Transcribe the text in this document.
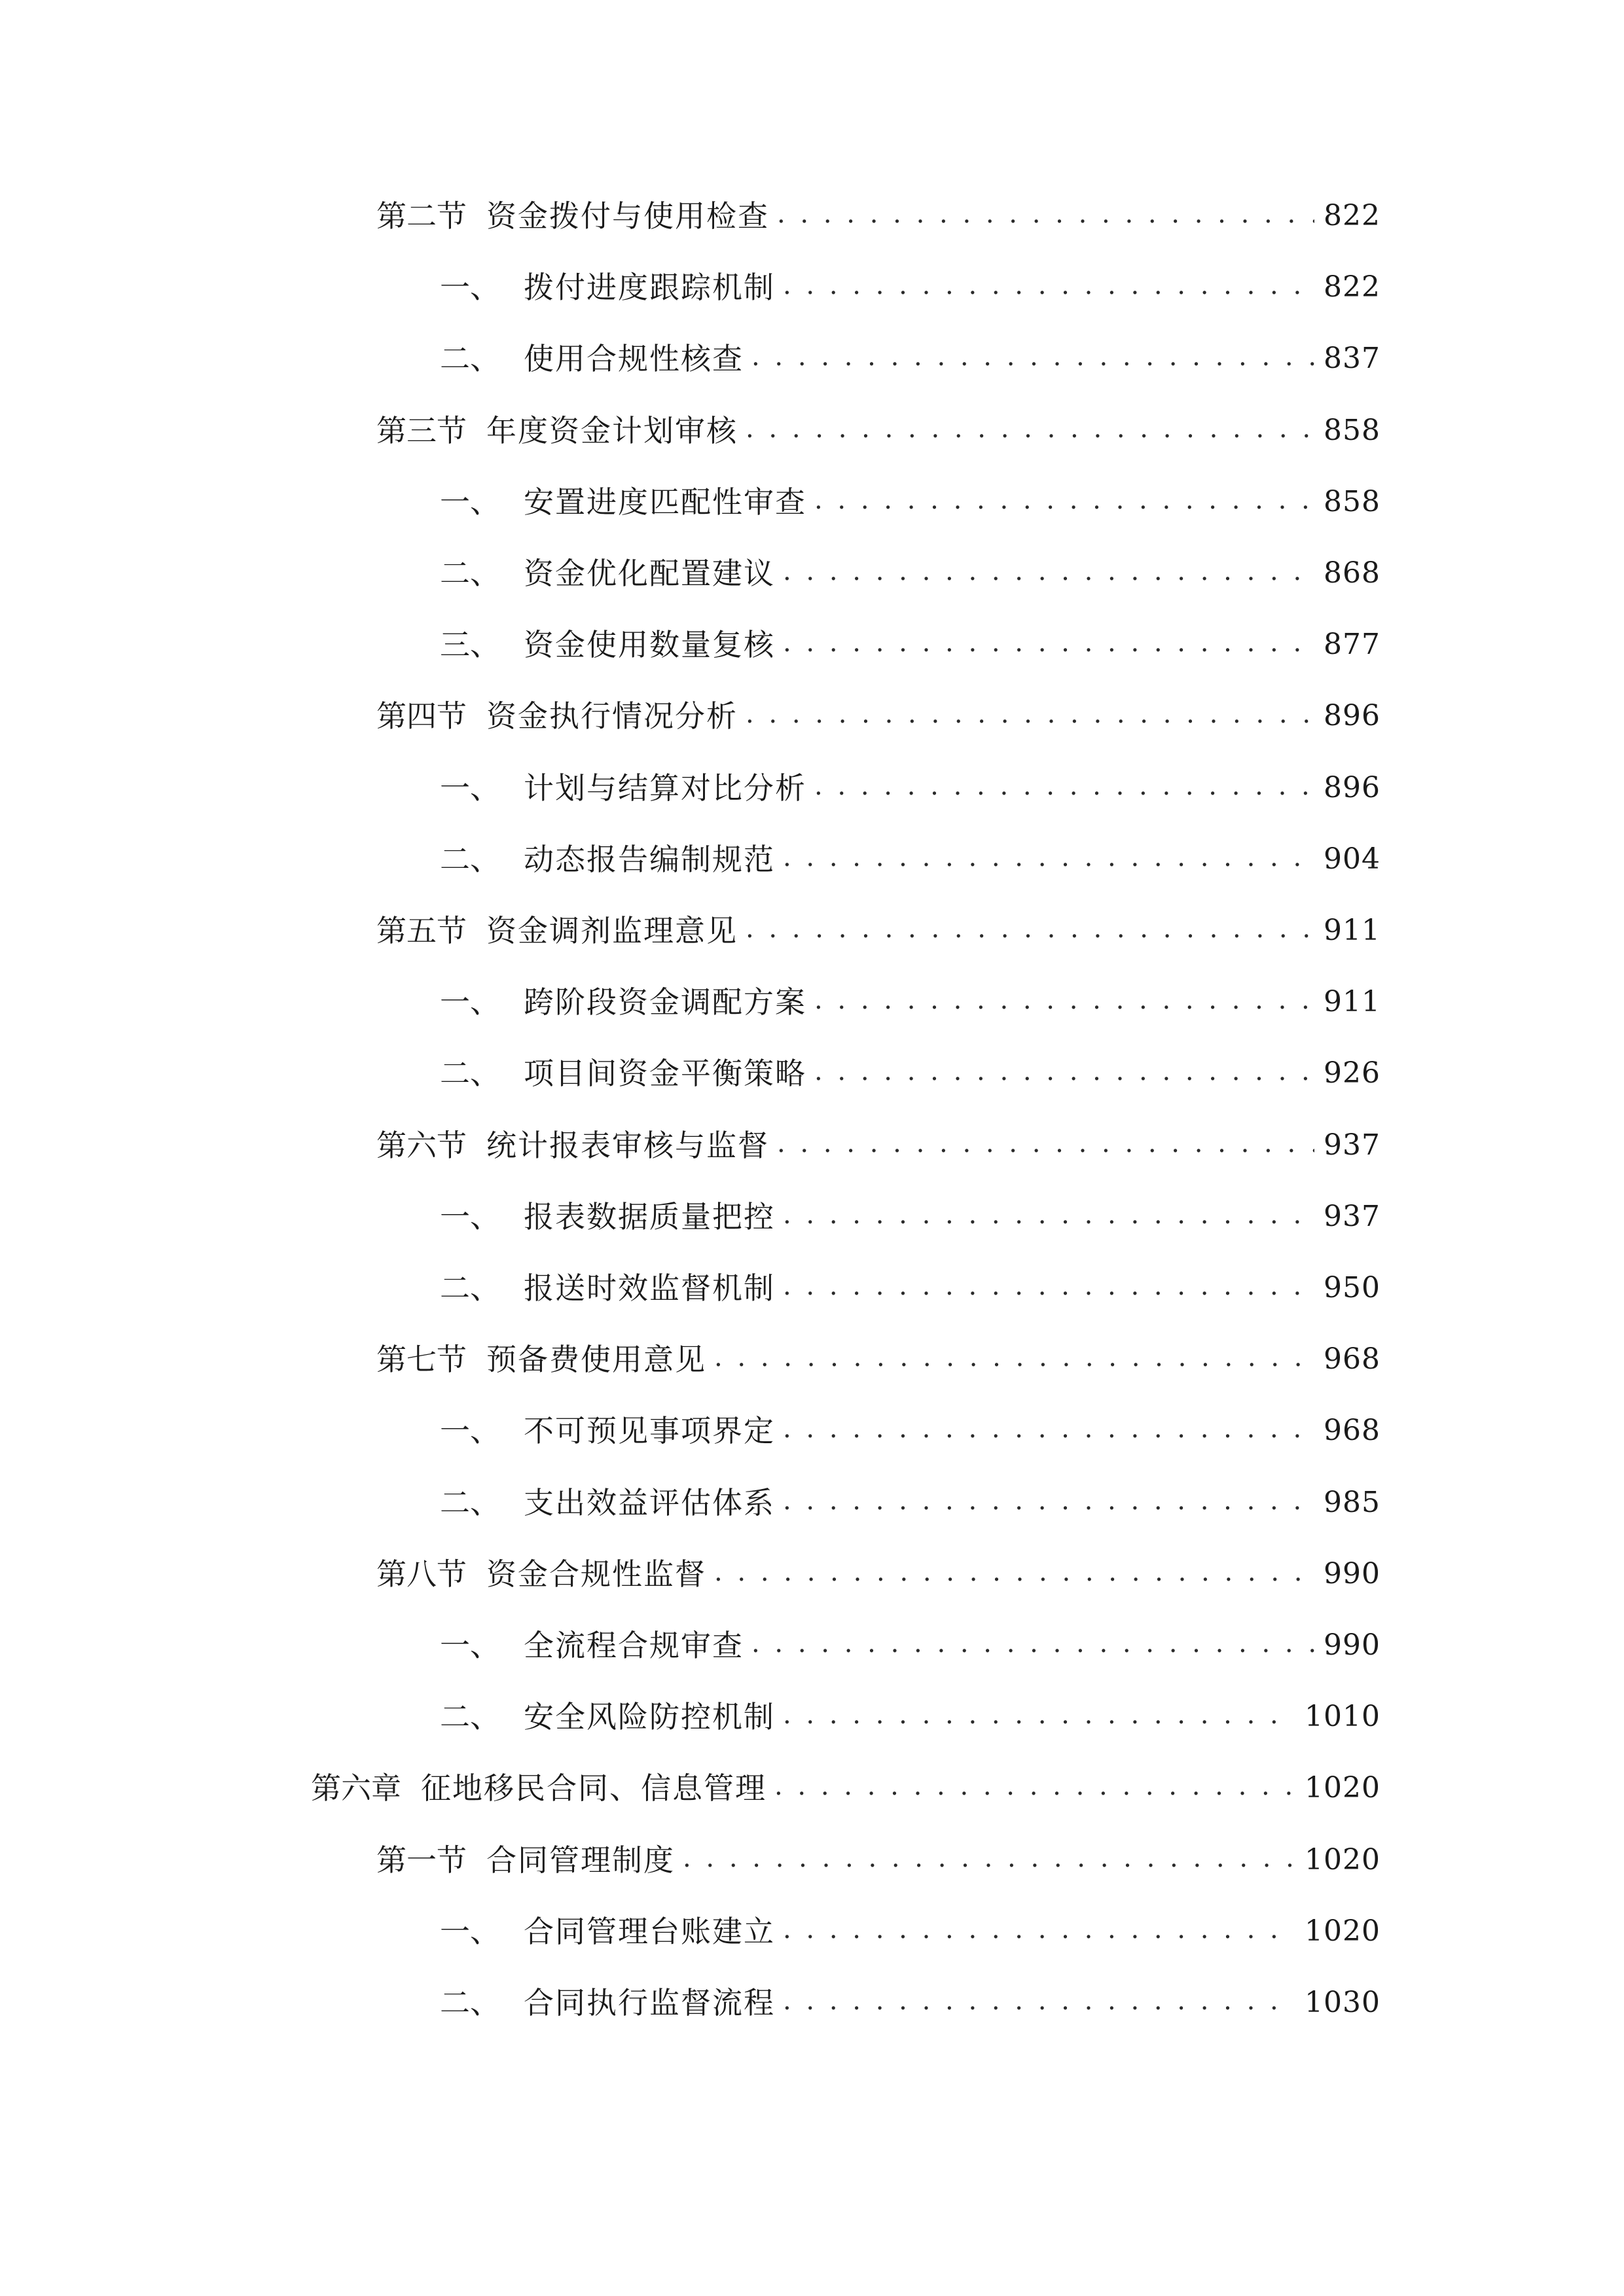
第二节 资金拨付与使用检查 . . .	822
一、 拨付进度跟踪机制 . . .	822
二、 使用合规性核查 . . .	837
第三节 年度资金计划审核 . . .	858
一、 安置进度匹配性审查 . . .	858
二、 资金优化配置建议 . . .	868
三、 资金使用数量复核 . . .	877
第四节 资金执行情况分析 . . .	896
一、 计划与结算对比分析 . . .	896
二、 动态报告编制规范 . . .	904
第五节 资金调剂监理意见 . . .	911
一、 跨阶段资金调配方案 . . .	911
二、 项目间资金平衡策略 . . .	926
第六节 统计报表审核与监督 . . .	937
一、 报表数据质量把控 . . .	937
二、 报送时效监督机制 . . .	950
第七节 预备费使用意见 . . .	968
一、 不可预见事项界定 . . .	968
二、 支出效益评估体系 . . .	985
第八节 资金合规性监督 . . .	990
一、 全流程合规审查 . . .	990
二、 安全风险防控机制 . . .	1010
第六章 征地移民合同、信息管理 . . .	1020
第一节 合同管理制度 . . .	1020
一、 合同管理台账建立 . . .	1020
二、 合同执行监督流程 . . .	1030
